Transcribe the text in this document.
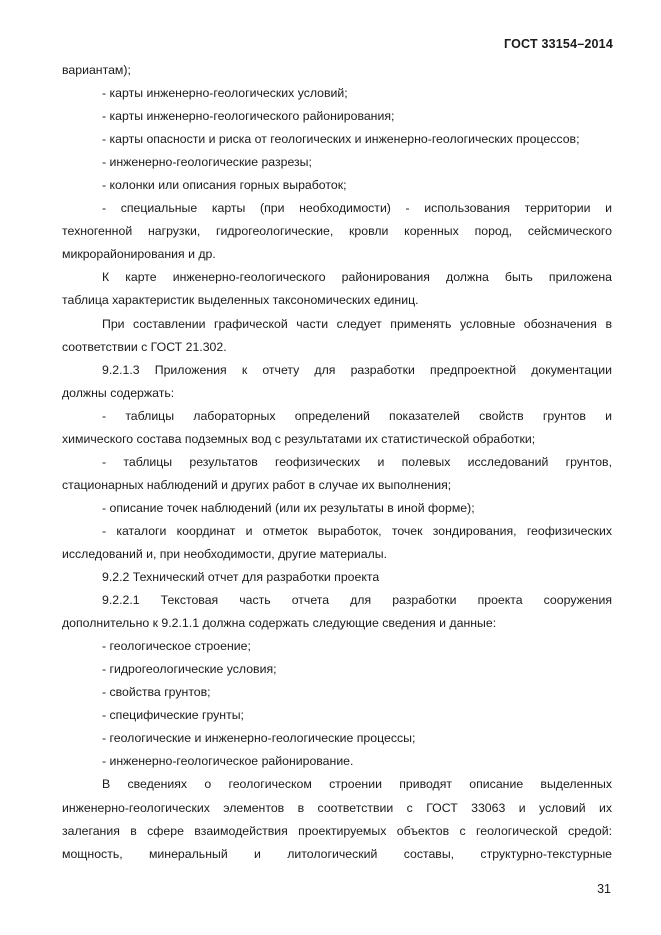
ГОСТ 33154–2014
вариантам);
- карты инженерно-геологических условий;
- карты инженерно-геологического районирования;
- карты опасности и риска от геологических и инженерно-геологических процессов;
- инженерно-геологические разрезы;
- колонки или описания горных выработок;
- специальные карты (при необходимости) - использования территории и
техногенной нагрузки, гидрогеологические, кровли коренных пород, сейсмического
микрорайонирования и др.
К карте инженерно-геологического районирования должна быть приложена
таблица характеристик выделенных таксономических единиц.
При составлении графической части следует применять условные обозначения в
соответствии с ГОСТ 21.302.
9.2.1.3 Приложения к отчету для разработки предпроектной документации
должны содержать:
- таблицы лабораторных определений показателей свойств грунтов и
химического состава подземных вод с результатами их статистической обработки;
- таблицы результатов геофизических и полевых исследований грунтов,
стационарных наблюдений и других работ в случае их выполнения;
- описание точек наблюдений (или их результаты в иной форме);
- каталоги координат и отметок выработок, точек зондирования, геофизических
исследований и, при необходимости, другие материалы.
9.2.2 Технический отчет для разработки проекта
9.2.2.1 Текстовая часть отчета для разработки проекта сооружения
дополнительно к 9.2.1.1 должна содержать следующие сведения и данные:
- геологическое строение;
- гидрогеологические условия;
- свойства грунтов;
- специфические грунты;
- геологические и инженерно-геологические процессы;
- инженерно-геологическое районирование.
В сведениях о геологическом строении приводят описание выделенных
инженерно-геологических элементов в соответствии с ГОСТ 33063 и условий их
залегания в сфере взаимодействия проектируемых объектов с геологической средой:
мощность, минеральный и литологический составы, структурно-текстурные
31
